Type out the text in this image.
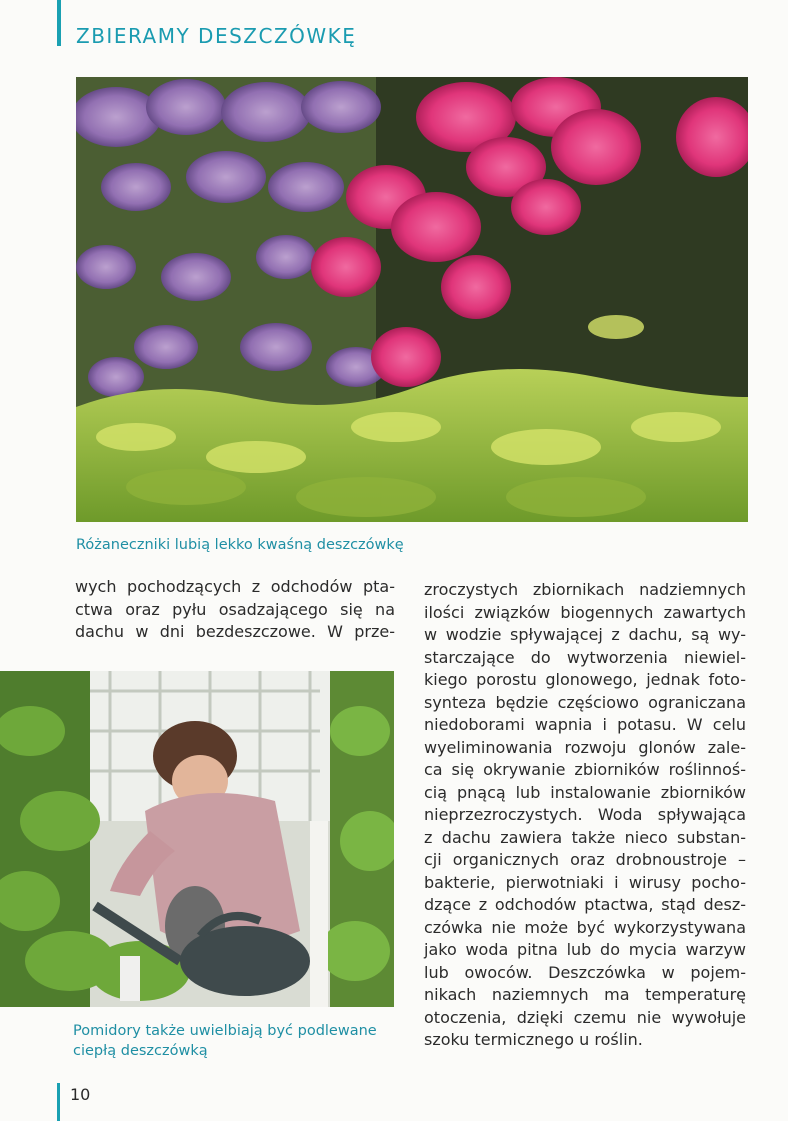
ZBIERAMY DESZCZÓWKĘ
Różaneczniki lubią lekko kwaśną deszczówkę
wych pochodzących z odchodów pta-
ctwa oraz pyłu osadzającego się na
dachu w dni bezdeszczowe. W prze-
Pomidory także uwielbiają być podlewane
ciepłą deszczówką
zroczystych zbiornikach nadziemnych
ilości związków biogennych zawartych
w wodzie spływającej z dachu, są wy-
starczające do wytworzenia niewiel-
kiego porostu glonowego, jednak foto-
synteza będzie częściowo ograniczana
niedoborami wapnia i potasu. W celu
wyeliminowania rozwoju glonów zale-
ca się okrywanie zbiorników roślinnoś-
cią pnącą lub instalowanie zbiorników
nieprzezroczystych. Woda spływająca
z dachu zawiera także nieco substan-
cji organicznych oraz drobnoustroje –
bakterie, pierwotniaki i wirusy pocho-
dzące z odchodów ptactwa, stąd desz-
czówka nie może być wykorzystywana
jako woda pitna lub do mycia warzyw
lub owoców. Deszczówka w pojem-
nikach naziemnych ma temperaturę
otoczenia, dzięki czemu nie wywołuje
szoku termicznego u roślin.
10
